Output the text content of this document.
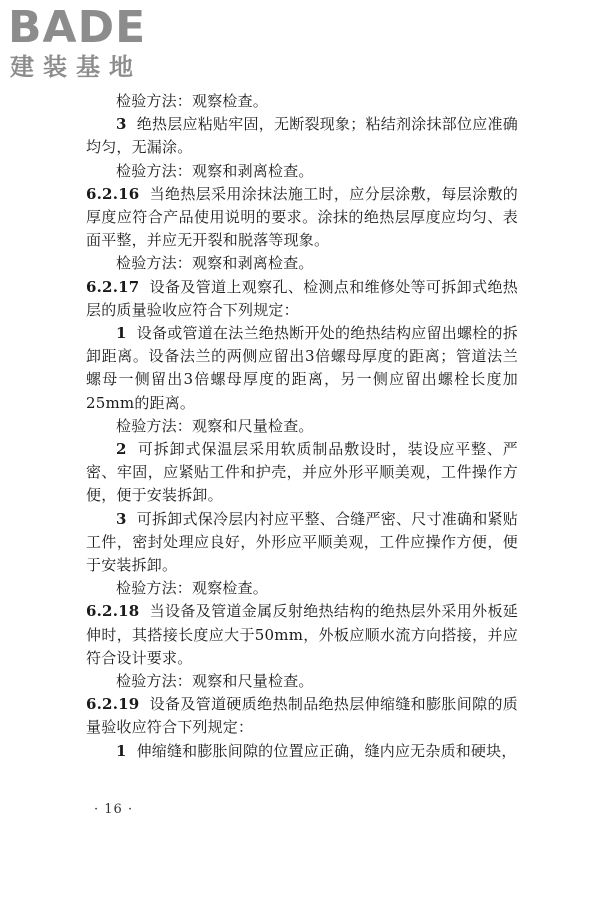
BADE
建装基地

检验方法：观察检查。

3 绝热层应粘贴牢固，无断裂现象；粘结剂涂抹部位应准确均匀，无漏涂。

检验方法：观察和剥离检查。

6.2.16 当绝热层采用涂抹法施工时，应分层涂敷，每层涂敷的厚度应符合产品使用说明的要求。涂抹的绝热层厚度应均匀、表面平整，并应无开裂和脱落等现象。

检验方法：观察和剥离检查。

6.2.17 设备及管道上观察孔、检测点和维修处等可拆卸式绝热层的质量验收应符合下列规定：

1 设备或管道在法兰绝热断开处的绝热结构应留出螺栓的拆卸距离。设备法兰的两侧应留出3倍螺母厚度的距离；管道法兰螺母一侧留出3倍螺母厚度的距离，另一侧应留出螺栓长度加25mm的距离。

检验方法：观察和尺量检查。

2 可拆卸式保温层采用软质制品敷设时，装设应平整、严密、牢固，应紧贴工件和护壳，并应外形平顺美观，工件操作方便，便于安装拆卸。

3 可拆卸式保冷层内衬应平整、合缝严密、尺寸准确和紧贴工件，密封处理应良好，外形应平顺美观，工件应操作方便，便于安装拆卸。

检验方法：观察检查。

6.2.18 当设备及管道金属反射绝热结构的绝热层外采用外板延伸时，其搭接长度应大于50mm，外板应顺水流方向搭接，并应符合设计要求。

检验方法：观察和尺量检查。

6.2.19 设备及管道硬质绝热制品绝热层伸缩缝和膨胀间隙的质量验收应符合下列规定：

1 伸缩缝和膨胀间隙的位置应正确，缝内应无杂质和硬块，

· 16 ·
